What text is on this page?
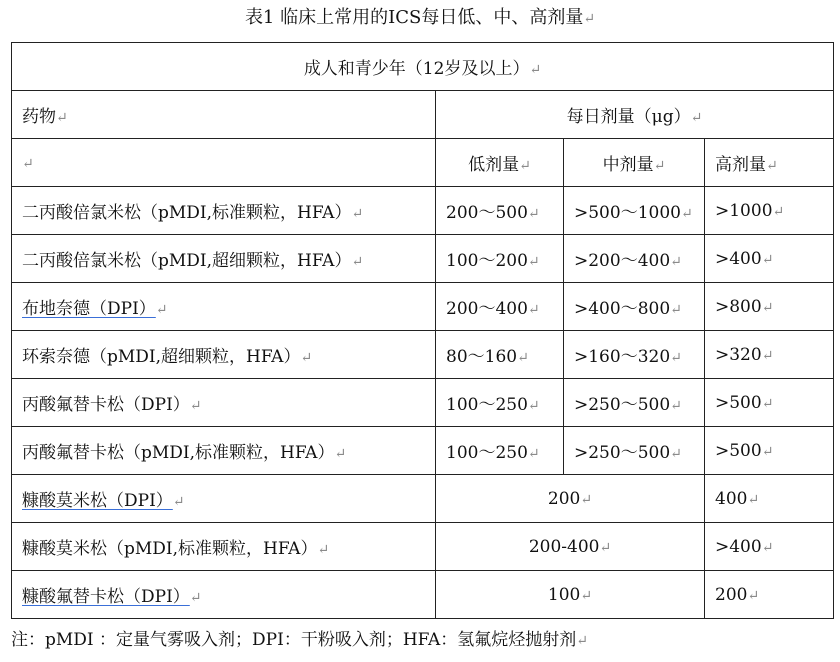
表1 临床上常用的ICS每日低、中、高剂量↵
成人和青少年（12岁及以上）↵			
药物↵	每日剂量（μg）↵		
↵	低剂量↵	中剂量↵	高剂量↵
二丙酸倍氯米松（pMDI,标准颗粒，HFA）↵	200～500↵	>500～1000↵	>1000↵
二丙酸倍氯米松（pMDI,超细颗粒，HFA）↵	100～200↵	>200～400↵	>400↵
布地奈德（DPI）↵	200～400↵	>400～800↵	>800↵
环索奈德（pMDI,超细颗粒，HFA）↵	80～160↵	>160～320↵	>320↵
丙酸氟替卡松（DPI）↵	100～250↵	>250～500↵	>500↵
丙酸氟替卡松（pMDI,标准颗粒，HFA）↵	100～250↵	>250～500↵	>500↵
糠酸莫米松（DPI）↵	200↵		400↵
糠酸莫米松（pMDI,标准颗粒，HFA）↵	200-400↵		>400↵
糠酸氟替卡松（DPI）↵	100↵		200↵
注：pMDI ：定量气雾吸入剂；DPI：干粉吸入剂；HFA：氢氟烷烃抛射剂↵
